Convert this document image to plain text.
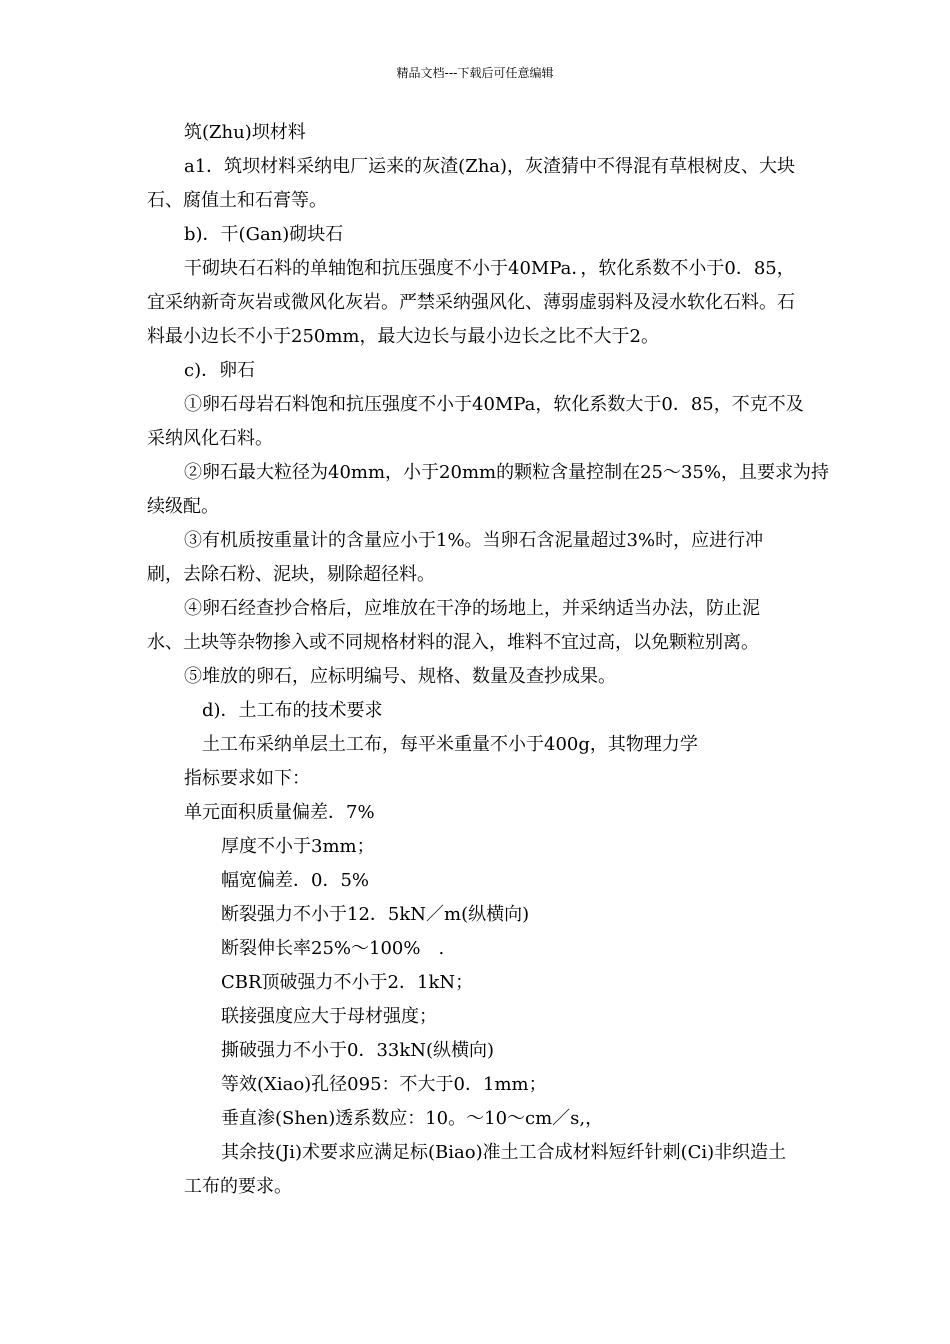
精品文档---下载后可任意编辑
筑(Zhu)坝材料
a1．筑坝材料采纳电厂运来的灰渣(Zha)，灰渣猜中不得混有草根树皮、大块
石、腐值土和石膏等。
b)．干(Gan)砌块石
干砌块石石料的单轴饱和抗压强度不小于40MPa．，软化系数不小于0．85，
宜采纳新奇灰岩或微风化灰岩。严禁采纳强风化、薄弱虚弱料及浸水软化石料。石
料最小边长不小于250mm，最大边长与最小边长之比不大于2。
c)．卵石
①卵石母岩石料饱和抗压强度不小于40MPa，软化系数大于0．85，不克不及
采纳风化石料。
②卵石最大粒径为40mm，小于20mm的颗粒含量控制在25～35%，且要求为持
续级配。
③有机质按重量计的含量应小于1%。当卵石含泥量超过3%时，应进行冲
刷，去除石粉、泥块，剔除超径料。
④卵石经查抄合格后，应堆放在干净的场地上，并采纳适当办法，防止泥
水、土块等杂物掺入或不同规格材料的混入，堆料不宜过高，以免颗粒别离。
⑤堆放的卵石，应标明编号、规格、数量及查抄成果。
d)．土工布的技术要求
土工布采纳单层土工布，每平米重量不小于400g，其物理力学
指标要求如下：
单元面积质量偏差．7%
厚度不小于3mm；
幅宽偏差．0．5%
断裂强力不小于12．5kN／m(纵横向)
断裂伸长率25%～100%　.
CBR顶破强力不小于2．1kN；
联接强度应大于母材强度；
撕破强力不小于0．33kN(纵横向)
等效(Xiao)孔径095：不大于0．1mm；
垂直渗(Shen)透系数应：10。～10～cm／s,，
其余技(Ji)术要求应满足标(Biao)准土工合成材料短纤针刺(Ci)非织造土
工布的要求。
